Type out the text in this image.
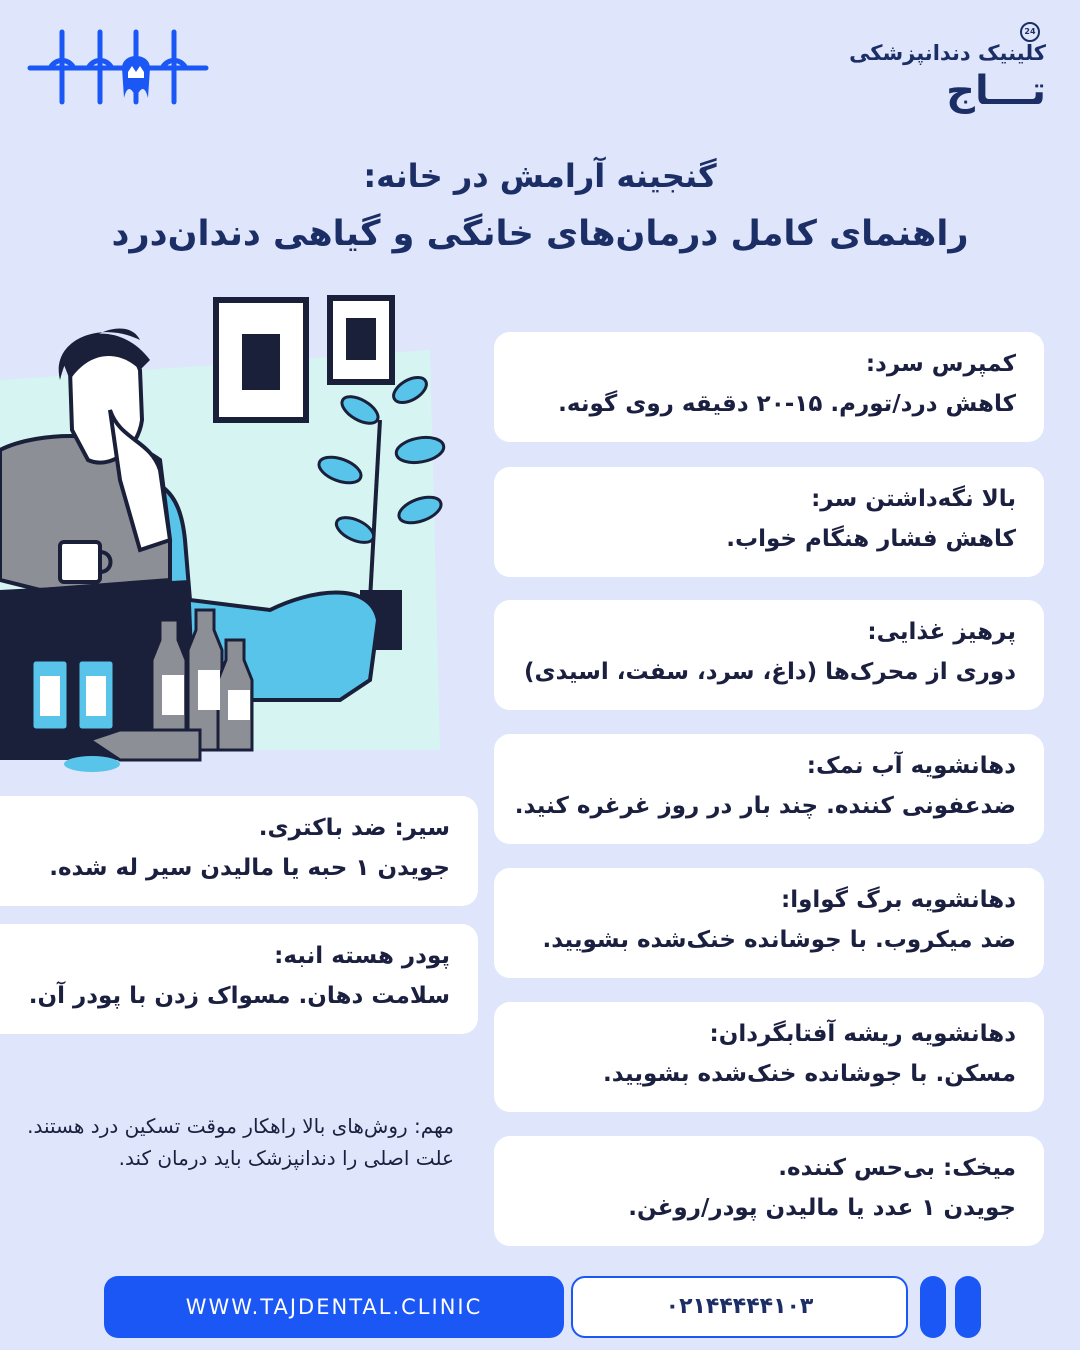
24
کلینیک دندانپزشکی
تـــاج
گنجینه آرامش در خانه:
راهنمای کامل درمان‌های خانگی و گیاهی دندان‌درد
کمپرس سرد:
کاهش درد/تورم. ۱۵-۲۰ دقیقه روی گونه.
بالا نگه‌داشتن سر:
کاهش فشار هنگام خواب.
پرهیز غذایی:
دوری از محرک‌ها (داغ، سرد، سفت، اسیدی)
دهانشویه آب نمک:
ضدعفونی کننده. چند بار در روز غرغره کنید.
دهانشویه برگ گواوا:
ضد میکروب. با جوشانده خنک‌شده بشویید.
دهانشویه ریشه آفتابگردان:
مسکن. با جوشانده خنک‌شده بشویید.
میخک: بی‌حس کننده.
جویدن ۱ عدد یا مالیدن پودر/روغن.
سیر: ضد باکتری.
جویدن ۱ حبه یا مالیدن سیر له شده.
پودر هسته انبه:
سلامت دهان. مسواک زدن با پودر آن.
مهم: روش‌های بالا راهکار موقت تسکین درد هستند. علت اصلی را دندانپزشک باید درمان کند.
WWW.TAJDENTAL.CLINIC	۰۲۱۴۴۴۴۴۱۰۳
